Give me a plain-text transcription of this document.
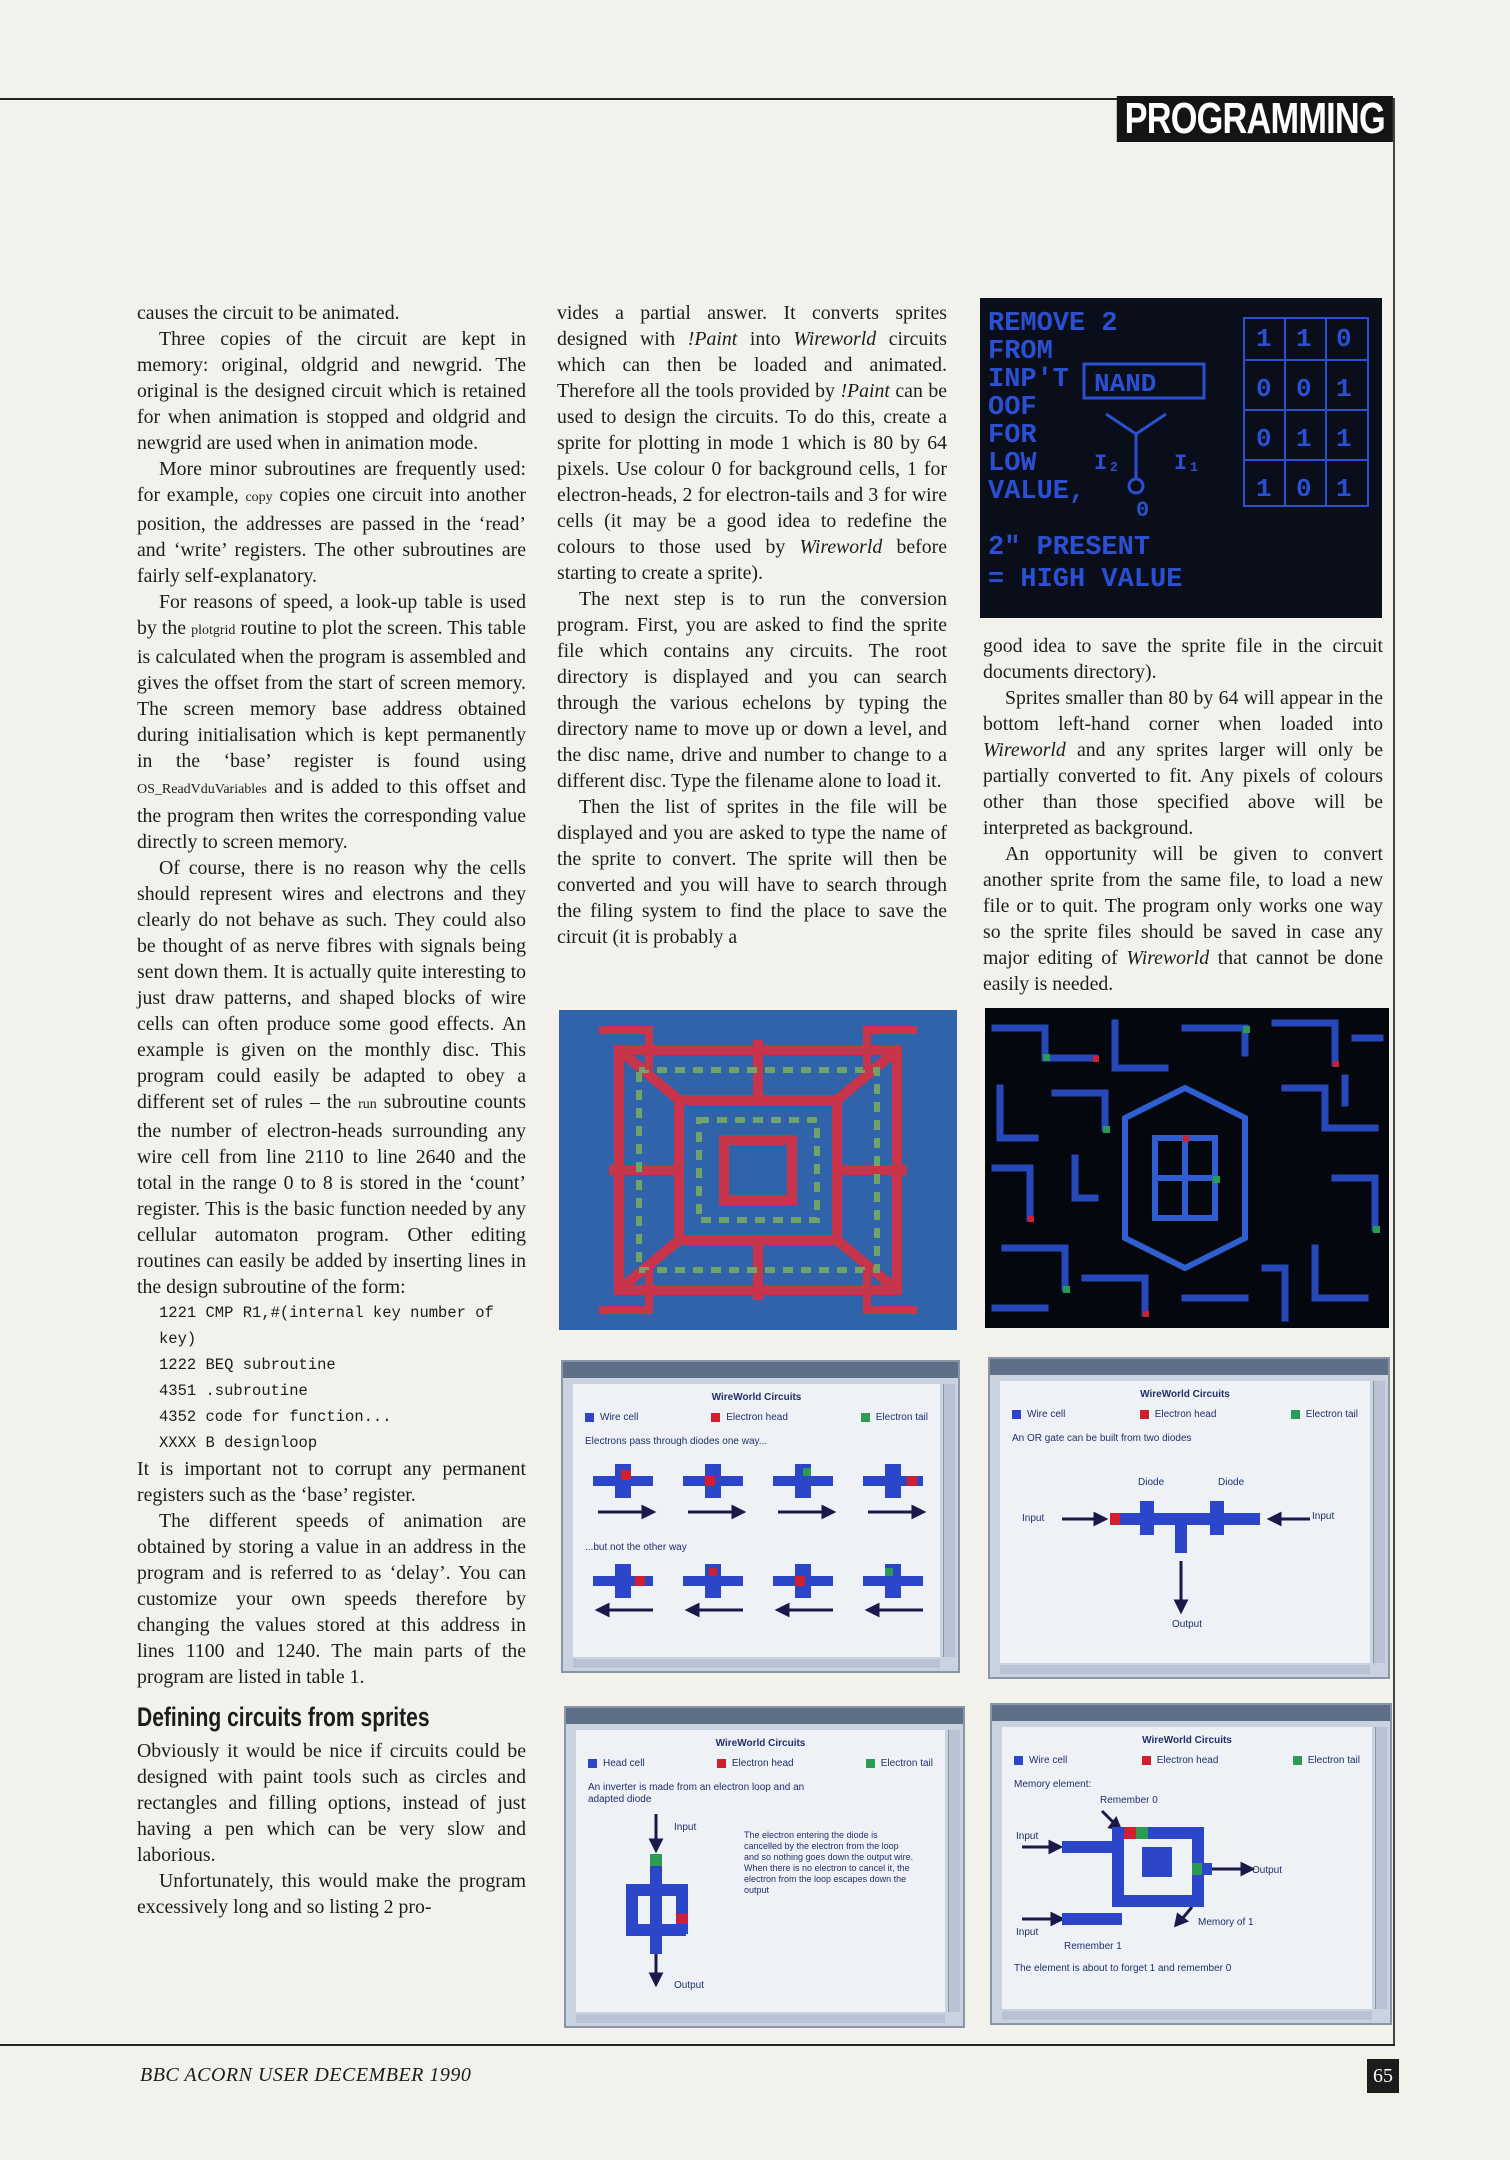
PROGRAMMING

causes the circuit to be animated.

Three copies of the circuit are kept in memory: original, oldgrid and newgrid. The original is the designed circuit which is retained for when animation is stopped and oldgrid and newgrid are used when in animation mode.

More minor subroutines are frequently used: for example, copy copies one circuit into another position, the addresses are passed in the ‘read’ and ‘write’ registers. The other subroutines are fairly self-explanatory.

For reasons of speed, a look-up table is used by the plotgrid routine to plot the screen. This table is calculated when the program is assembled and gives the offset from the start of screen memory. The screen memory base address obtained during initialisation which is kept permanently in the ‘base’ register is found using OS_ReadVduVariables and is added to this offset and the program then writes the corresponding value directly to screen memory.

Of course, there is no reason why the cells should represent wires and electrons and they clearly do not behave as such. They could also be thought of as nerve fibres with signals being sent down them. It is actually quite interesting to just draw patterns, and shaped blocks of wire cells can often produce some good effects. An example is given on the monthly disc. This program could easily be adapted to obey a different set of rules – the run subroutine counts the number of electron-heads surrounding any wire cell from line 2110 to line 2640 and the total in the range 0 to 8 is stored in the ‘count’ register. This is the basic function needed by any cellular automaton program. Other editing routines can easily be added by inserting lines in the design subroutine of the form:

1221 CMP R1,#(internal key number of
key)
1222 BEQ subroutine
4351 .subroutine
4352 code for function...
XXXX B designloop

It is important not to corrupt any permanent registers such as the ‘base’ register.

The different speeds of animation are obtained by storing a value in an address in the program and is referred to as ‘delay’. You can customize your own speeds therefore by changing the values stored at this address in lines 1100 and 1240. The main parts of the program are listed in table 1.

Defining circuits from sprites

Obviously it would be nice if circuits could be designed with paint tools such as circles and rectangles and filling options, instead of just having a pen which can be very slow and laborious.

Unfortunately, this would make the program excessively long and so listing 2 pro-

vides a partial answer. It converts sprites designed with !Paint into Wireworld circuits which can then be loaded and animated. Therefore all the tools provided by !Paint can be used to design the circuits. To do this, create a sprite for plotting in mode 1 which is 80 by 64 pixels. Use colour 0 for background cells, 1 for electron-heads, 2 for electron-tails and 3 for wire cells (it may be a good idea to redefine the colours to those used by Wireworld before starting to create a sprite).

The next step is to run the conversion program. First, you are asked to find the sprite file which contains any circuits. The root directory is displayed and you can search through the various echelons by typing the directory name to move up or down a level, and the disc name, drive and number to change to a different disc. Type the filename alone to load it.

Then the list of sprites in the file will be displayed and you are asked to type the name of the sprite to convert. The sprite will then be converted and you will have to search through the filing system to find the place to save the circuit (it is probably a

good idea to save the sprite file in the circuit documents directory).

Sprites smaller than 80 by 64 will appear in the bottom left-hand corner when loaded into Wireworld and any sprites larger will only be partially converted to fit. Any pixels of colours other than those specified above will be interpreted as background.

An opportunity will be given to convert another sprite from the same file, to load a new file or to quit. The program only works one way so the sprite files should be saved in case any major editing of Wireworld that cannot be done easily is needed.

REMOVE 2
FROM
INP'T
OOF
FOR
LOW
VALUE,
2" PRESENT
= HIGH VALUE
NAND
0
I₂ I₁
1 1 0
0 0 1
0 1 1
1 0 1
WireWorld Circuits
Wire cell	Electron head	Electron tail
Electrons pass through diodes one way...
...but not the other way
WireWorld Circuits
Wire cell	Electron head	Electron tail
An OR gate can be built from two diodes
Diode	Diode
Input	Input
Output
WireWorld Circuits
Head cell	Electron head	Electron tail
An inverter is made from an electron loop and an adapted diode
Input
Output
The electron entering the diode is cancelled by the electron from the loop and so nothing goes down the output wire. When there is no electron to cancel it, the electron from the loop escapes down the output
WireWorld Circuits
Wire cell	Electron head	Electron tail
Memory element:
Remember 0
Input
Output
Memory of 1
Input
Remember 1
The element is about to forget 1 and remember 0
BBC ACORN USER DECEMBER 1990	65
